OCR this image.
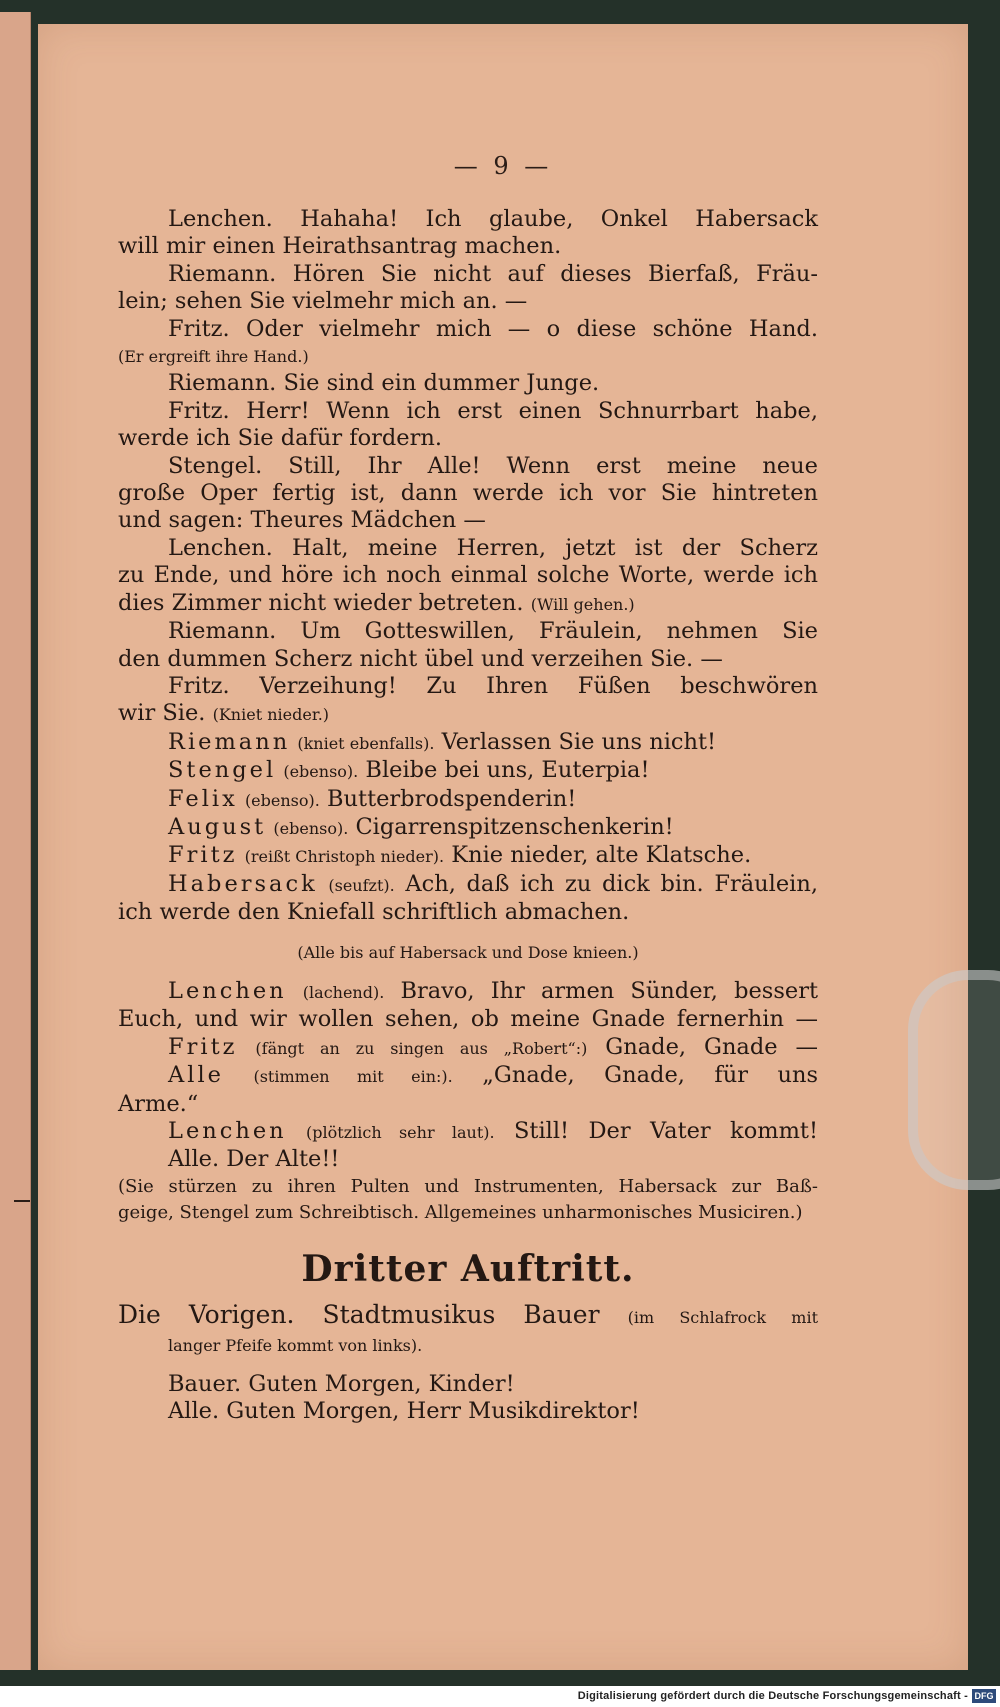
— 9 —
Lenchen. Hahaha! Ich glaube, Onkel Habersack
will mir einen Heirathsantrag machen.
Riemann. Hören Sie nicht auf dieses Bierfaß, Fräu-
lein; sehen Sie vielmehr mich an. —
Fritz. Oder vielmehr mich — o diese schöne Hand.
(Er ergreift ihre Hand.)
Riemann. Sie sind ein dummer Junge.
Fritz. Herr! Wenn ich erst einen Schnurrbart habe,
werde ich Sie dafür fordern.
Stengel. Still, Ihr Alle! Wenn erst meine neue
große Oper fertig ist, dann werde ich vor Sie hintreten
und sagen: Theures Mädchen —
Lenchen. Halt, meine Herren, jetzt ist der Scherz
zu Ende, und höre ich noch einmal solche Worte, werde ich
dies Zimmer nicht wieder betreten. (Will gehen.)
Riemann. Um Gotteswillen, Fräulein, nehmen Sie
den dummen Scherz nicht übel und verzeihen Sie. —
Fritz. Verzeihung! Zu Ihren Füßen beschwören
wir Sie. (Kniet nieder.)
Riemann (kniet ebenfalls). Verlassen Sie uns nicht!
Stengel (ebenso). Bleibe bei uns, Euterpia!
Felix (ebenso). Butterbrodspenderin!
August (ebenso). Cigarrenspitzenschenkerin!
Fritz (reißt Christoph nieder). Knie nieder, alte Klatsche.
Habersack (seufzt). Ach, daß ich zu dick bin. Fräulein,
ich werde den Kniefall schriftlich abmachen.
(Alle bis auf Habersack und Dose knieen.)
Lenchen (lachend). Bravo, Ihr armen Sünder, bessert
Euch, und wir wollen sehen, ob meine Gnade fernerhin —
Fritz (fängt an zu singen aus „Robert“:) Gnade, Gnade —
Alle (stimmen mit ein:). „Gnade, Gnade, für uns
Arme.“
Lenchen (plötzlich sehr laut). Still! Der Vater kommt!
Alle. Der Alte!!
(Sie stürzen zu ihren Pulten und Instrumenten, Habersack zur Baß-
geige, Stengel zum Schreibtisch. Allgemeines unharmonisches Musiciren.)
Dritter Auftritt.
Die Vorigen. Stadtmusikus Bauer (im Schlafrock mit
langer Pfeife kommt von links).
Bauer. Guten Morgen, Kinder!
Alle. Guten Morgen, Herr Musikdirektor!
Digitalisierung gefördert durch die Deutsche Forschungsgemeinschaft - DFG
